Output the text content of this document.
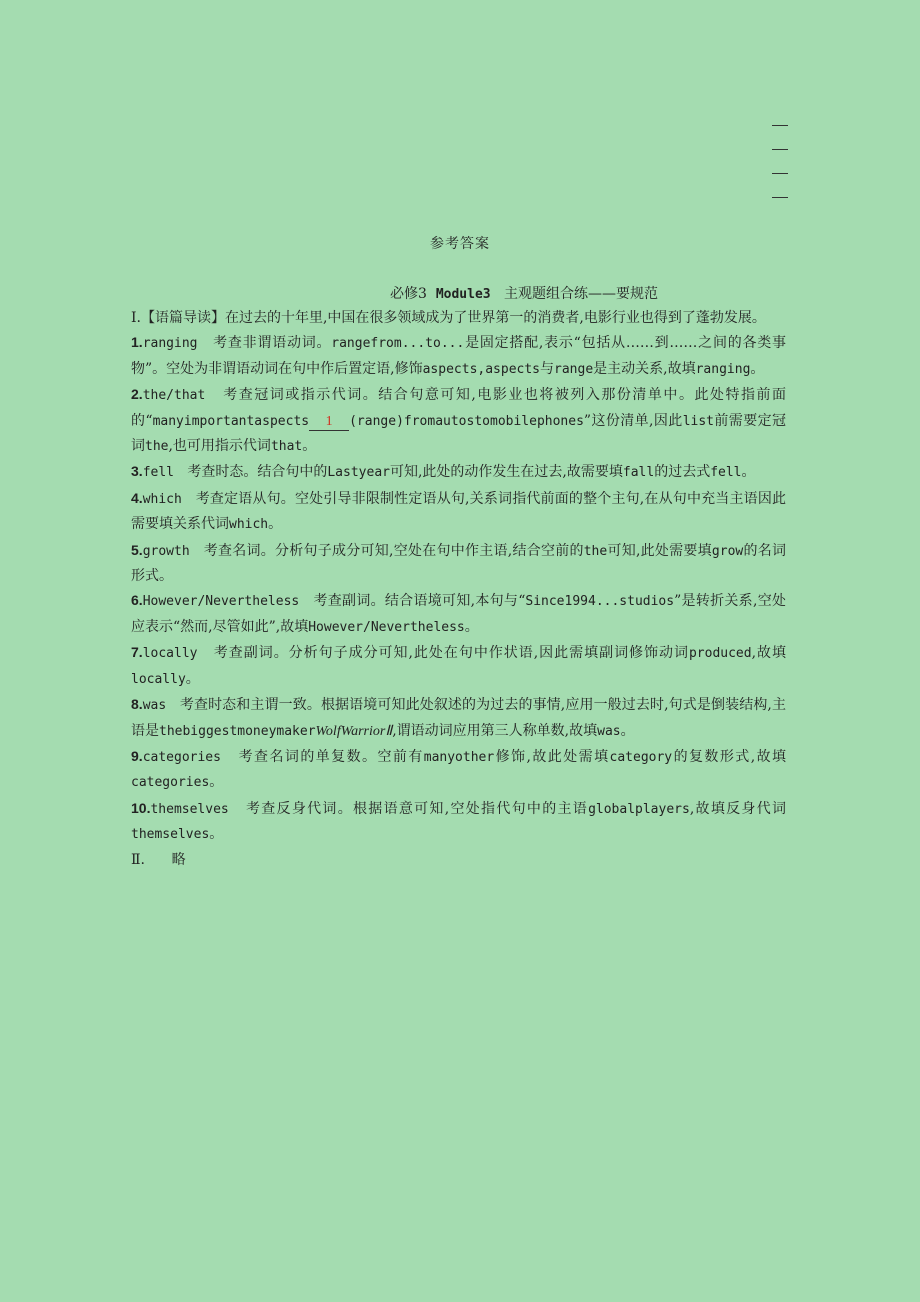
参考答案
必修3 Module3 主观题组合练——要规范

Ⅰ.【语篇导读】在过去的十年里,中国在很多领域成为了世界第一的消费者,电影行业也得到了蓬勃发展。

1.ranging 考查非谓语动词。rangefrom...to...是固定搭配,表示“包括从……到……之间的各类事物”。空处为非谓语动词在句中作后置定语,修饰aspects,aspects与range是主动关系,故填ranging。

2.the/that 考查冠词或指示代词。结合句意可知,电影业也将被列入那份清单中。此处特指前面的“manyimportantaspects 1 (range)fromautostomobilephones”这份清单,因此list前需要定冠词the,也可用指示代词that。

3.fell 考查时态。结合句中的Lastyear可知,此处的动作发生在过去,故需要填fall的过去式fell。

4.which 考查定语从句。空处引导非限制性定语从句,关系词指代前面的整个主句,在从句中充当主语因此需要填关系代词which。

5.growth 考查名词。分析句子成分可知,空处在句中作主语,结合空前的the可知,此处需要填grow的名词形式。

6.However/Nevertheless 考查副词。结合语境可知,本句与“Since1994...studios”是转折关系,空处应表示“然而,尽管如此”,故填However/Nevertheless。

7.locally 考查副词。分析句子成分可知,此处在句中作状语,因此需填副词修饰动词produced,故填locally。

8.was 考查时态和主谓一致。根据语境可知此处叙述的为过去的事情,应用一般过去时,句式是倒装结构,主语是thebiggestmoneymakerWolfWarriorⅡ,谓语动词应用第三人称单数,故填was。

9.categories 考查名词的单复数。空前有manyother修饰,故此处需填category的复数形式,故填categories。

10.themselves 考查反身代词。根据语意可知,空处指代句中的主语globalplayers,故填反身代词themselves。

Ⅱ. 略
